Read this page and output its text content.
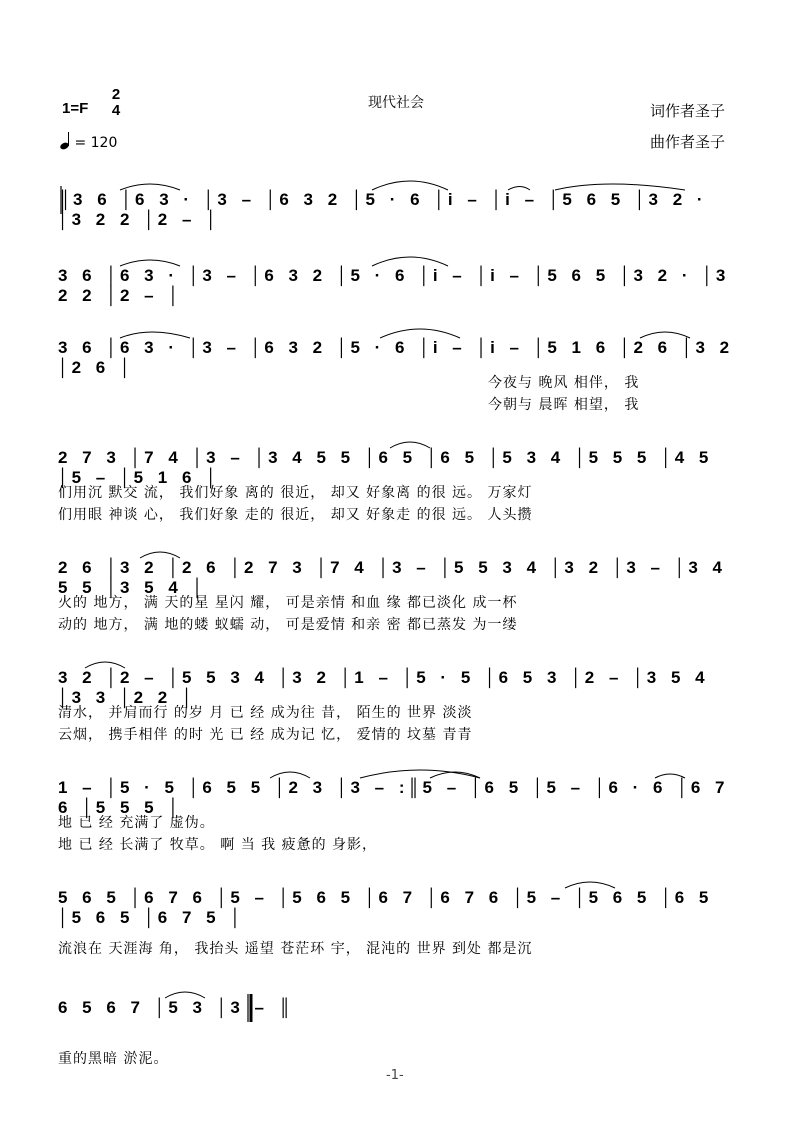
1=F
2
4	现代社会	词作者圣子
曲作者圣子
= 120
║3 6 │6 3 · │3 – │6 3 2 │5 · 6 │i – │i – │5 6 5 │3 2 · │3 2 2 │2 – │
3 6 │6 3 · │3 – │6 3 2 │5 · 6 │i – │i – │5 6 5 │3 2 · │3 2 2 │2 – │
3 6 │6 3 · │3 – │6 3 2 │5 · 6 │i – │i – │5 1 6 │2 6 │3 2 │2 6 │
今夜与 晚风 相伴， 我
今朝与 晨晖 相望， 我
2 7 3 │7 4 │3 – │3 4 5 5 │6 5 │6 5 │5 3 4 │5 5 5 │4 5 │5 – │5 1 6 │
们用沉 默交 流， 我们好象 离的 很近， 却又 好象离 的很 远。 万家灯
们用眼 神谈 心， 我们好象 走的 很近， 却又 好象走 的很 远。 人头攒
2 6 │3 2 │2 6 │2 7 3 │7 4 │3 – │5 5 3 4 │3 2 │3 – │3 4 5 5 │3 5 4 │
火的 地方， 满 天的星 星闪 耀， 可是亲情 和血 缘 都已淡化 成一杯
动的 地方， 满 地的蝼 蚁蠕 动， 可是爱情 和亲 密 都已蒸发 为一缕
3 2 │2 – │5 5 3 4 │3 2 │1 – │5 · 5 │6 5 3 │2 – │3 5 4 │3 3 │2 2 │
清水， 并肩而行 的岁 月 已 经 成为往 昔， 陌生的 世界 淡淡
云烟， 携手相伴 的时 光 已 经 成为记 忆， 爱情的 坟墓 青青
1 – │5 · 5 │6 5 5 │2 3 │3 – :║5 – │6 5 │5 – │6 · 6 │6 7 6 │5 5 5 │
地 已 经 充满了 虚伪。
地 已 经 长满了 牧草。 啊 当 我 疲惫的 身影，
5 6 5 │6 7 6 │5 – │5 6 5 │6 7 │6 7 6 │5 – │5 6 5 │6 5 │5 6 5 │6 7 5 │
流浪在 天涯海 角， 我抬头 遥望 苍茫环 宇， 混沌的 世界 到处 都是沉
6 5 6 7 │5 3 │3 – ║
重的黑暗 淤泥。
-1-
